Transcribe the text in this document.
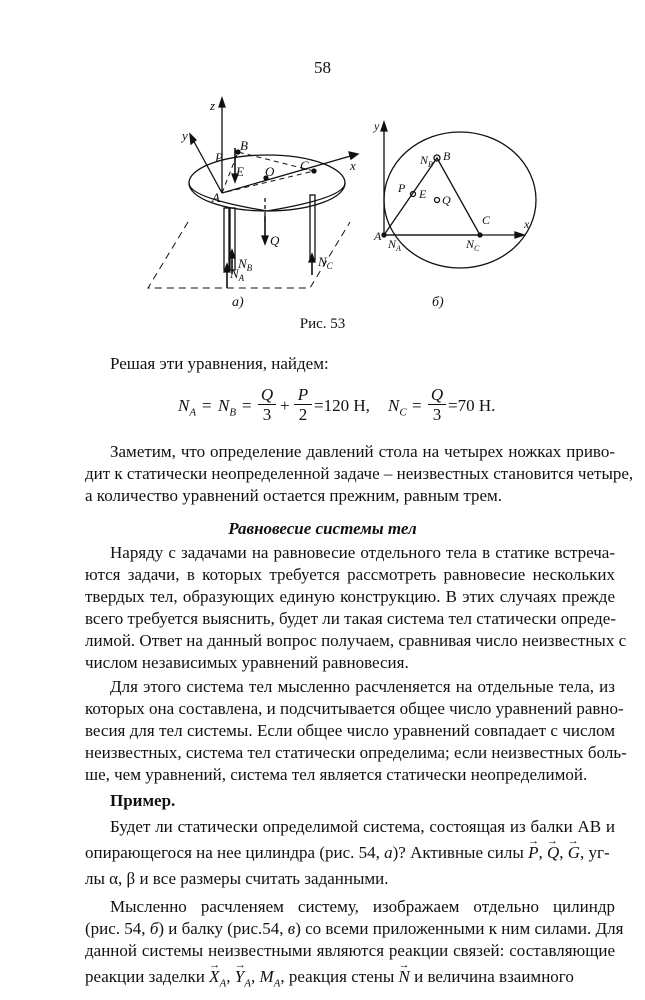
58
z
y
x
A
B
C
O
E
P
Q
$N_A$
$N_B$	$N_C$
а)
y
x
A
B
C
E
P
Q
$N_A$
$N_B$
$N_C$
б)
Рис. 53
Решая эти уравнения, найдем:
$N_A = N_B = \frac{Q}{3} + \frac{P}{2} =120$ Н, $N_C = \frac{Q}{3} =70$ Н.
Заметим, что определение давлений стола на четырех ножках приво-
дит к статически неопределенной задаче – неизвестных становится четыре,
а количество уравнений остается прежним, равным трем.
Равновесие системы тел
Наряду с задачами на равновесие отдельного тела в статике встреча-
ются задачи, в которых требуется рассмотреть равновесие нескольких
твердых тел, образующих единую конструкцию. В этих случаях прежде
всего требуется выяснить, будет ли такая система тел статически опреде-
лимой. Ответ на данный вопрос получаем, сравнивая число неизвестных с
числом независимых уравнений равновесия.
Для этого система тел мысленно расчленяется на отдельные тела, из
которых она составлена, и подсчитывается общее число уравнений равно-
весия для тел системы. Если общее число уравнений совпадает с числом
неизвестных, система тел статически определима; если неизвестных боль-
ше, чем уравнений, система тел является статически неопределимой.
Пример.
Будет ли статически определимой система, состоящая из балки AB и
опирающегося на нее цилиндра (рис. 54, а)? Активные силы → P, → Q, → G, уг-
лы α, β и все размеры считать заданными.
Мысленно расчленяем систему, изображаем отдельно цилиндр
(рис. 54, б) и балку (рис.54, в) со всеми приложенными к ним силами. Для
данной системы неизвестными являются реакции связей: составляющие
реакции заделки → $X_A$, → $Y_A$, $M_A$, реакция стены → N и величина взаимного
